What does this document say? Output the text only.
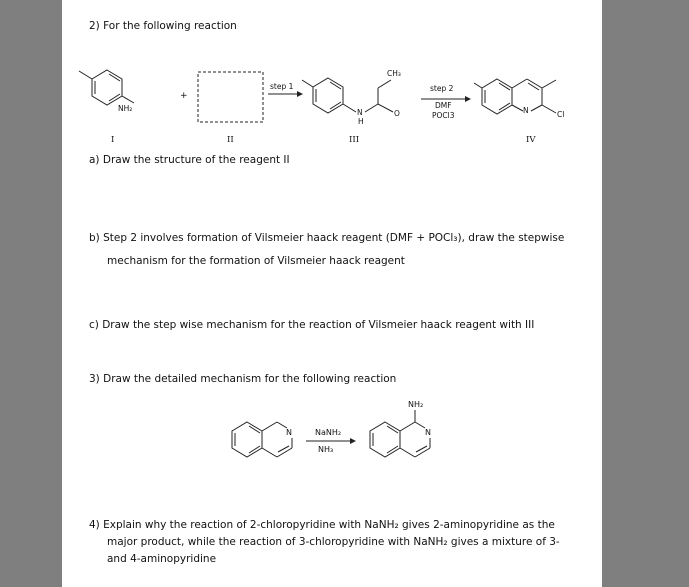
2) For the following reaction
NH₂
+
step 1
CH₃
N
H
O
step 2
DMF
POCl3
N	Cl
I	II	III	IV
a) Draw the structure of the reagent II
b) Step 2 involves formation of Vilsmeier haack reagent (DMF + POCl₃), draw the stepwise
mechanism for the formation of Vilsmeier haack reagent
c) Draw the step wise mechanism for the reaction of Vilsmeier haack reagent with III
3) Draw the detailed mechanism for the following reaction
N	NaNH₂
NH₃
NH₂
N
4) Explain why the reaction of 2-chloropyridine with NaNH₂ gives 2-aminopyridine as the
major product, while the reaction of 3-chloropyridine with NaNH₂ gives a mixture of 3-
and 4-aminopyridine
